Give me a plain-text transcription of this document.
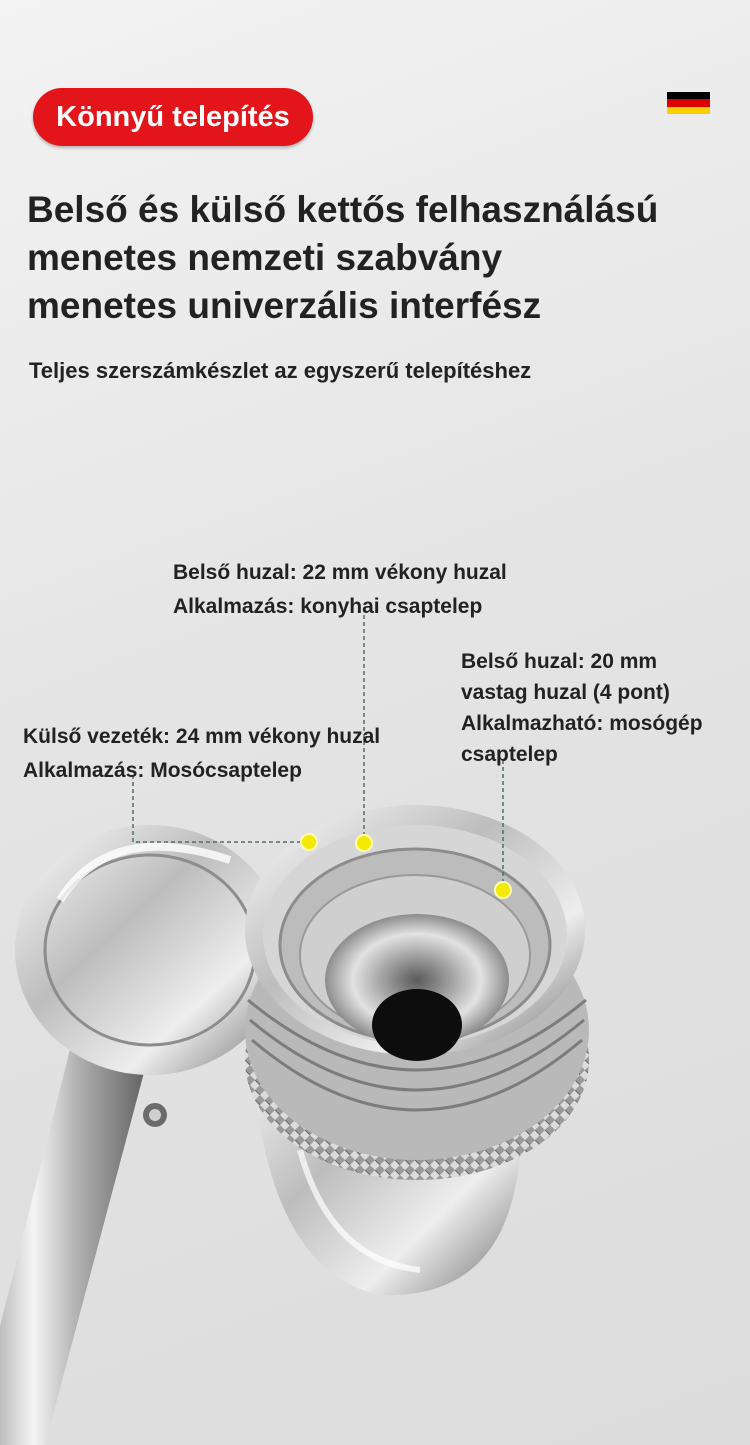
Könnyű telepítés
Belső és külső kettős felhasználású
menetes nemzeti szabvány
menetes univerzális interfész
Teljes szerszámkészlet az egyszerű telepítéshez
Belső huzal: 22 mm vékony huzal
Alkalmazás: konyhai csaptelep
Belső huzal: 20 mm
vastag huzal (4 pont)
Alkalmazható: mosógép
csaptelep
Külső vezeték: 24 mm vékony huzal
Alkalmazás: Mosócsaptelep
